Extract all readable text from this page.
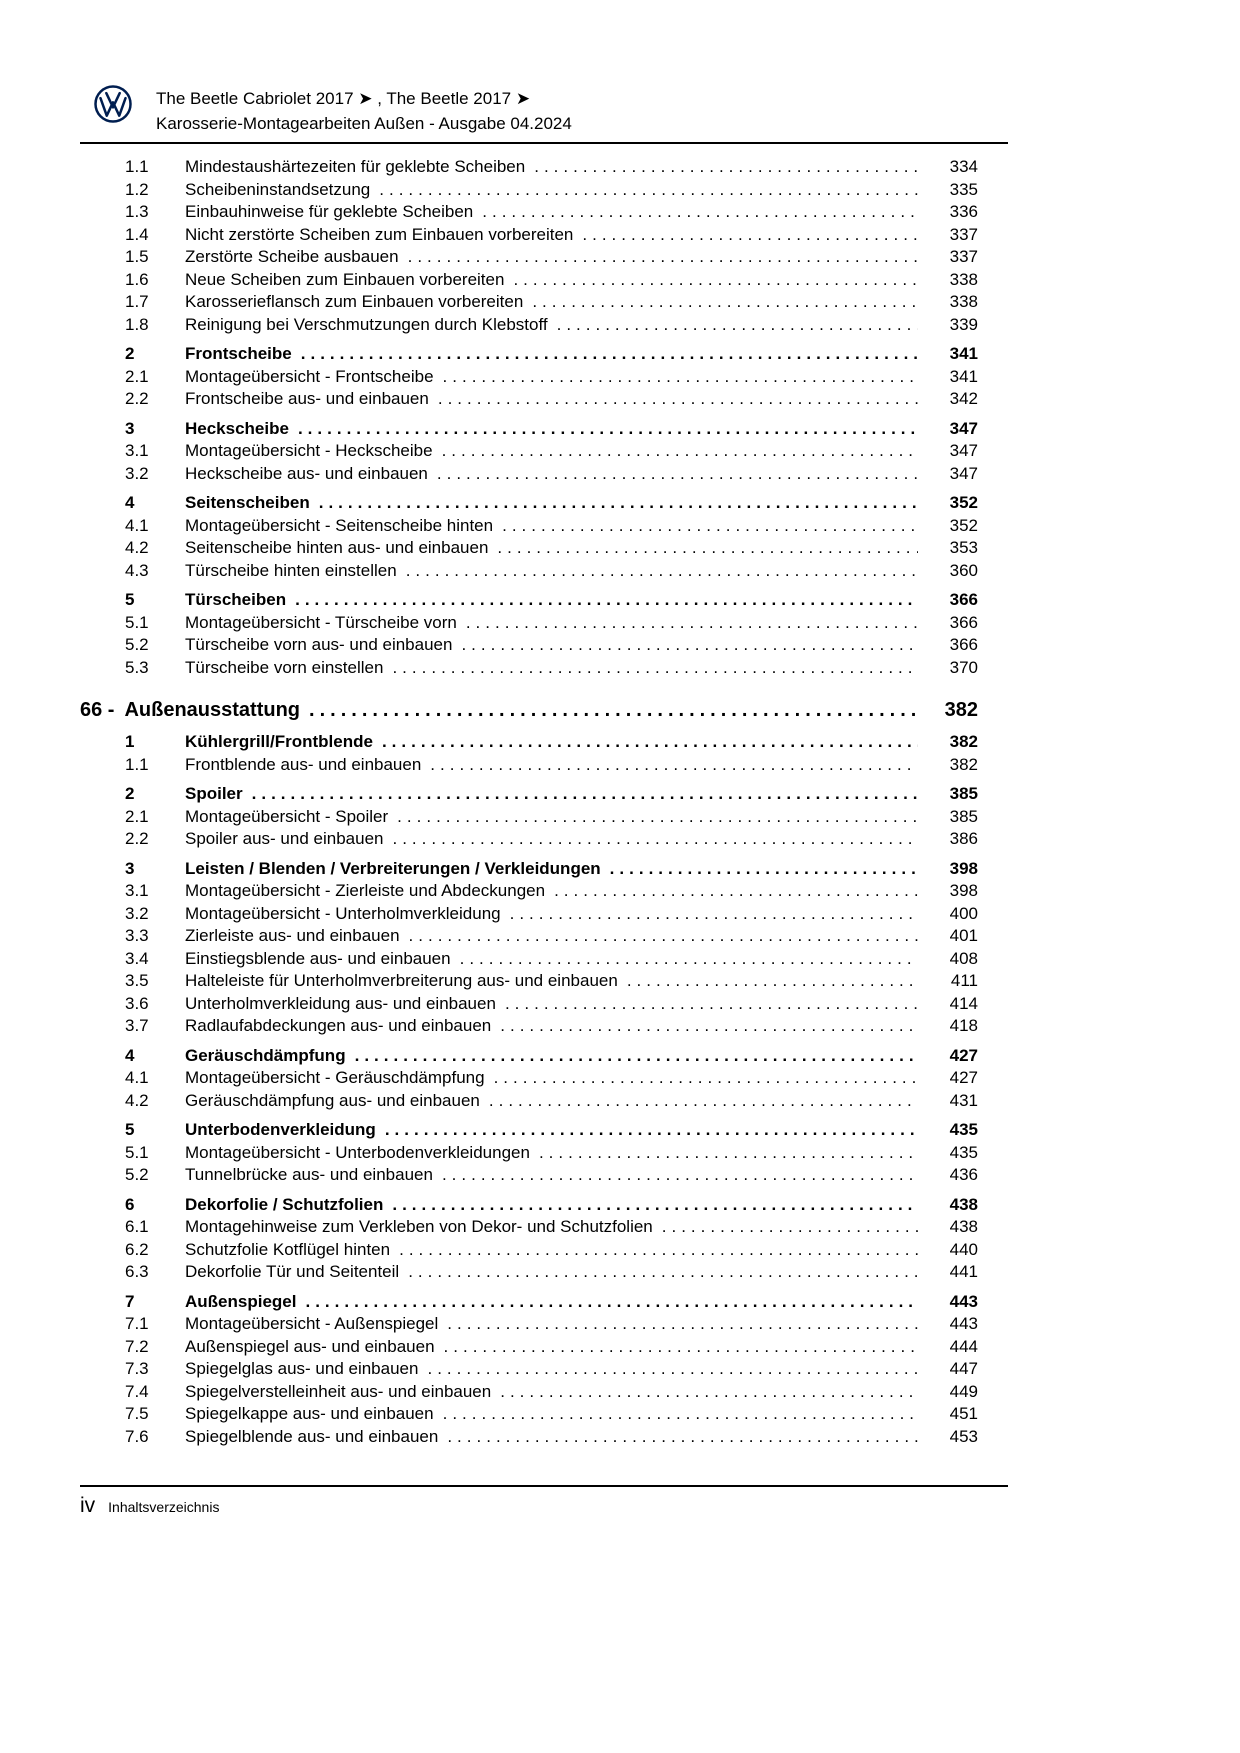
The Beetle Cabriolet 2017 ➤ , The Beetle 2017 ➤
Karosserie-Montagearbeiten Außen - Ausgabe 04.2024
1.1	Mindestaushärtezeiten für geklebte Scheiben .....	334
1.2	Scheibeninstandsetzung .....	335
1.3	Einbauhinweise für geklebte Scheiben .....	336
1.4	Nicht zerstörte Scheiben zum Einbauen vorbereiten .....	337
1.5	Zerstörte Scheibe ausbauen .....	337
1.6	Neue Scheiben zum Einbauen vorbereiten .....	338
1.7	Karosserieflansch zum Einbauen vorbereiten .....	338
1.8	Reinigung bei Verschmutzungen durch Klebstoff .....	339
2	Frontscheibe .....	341
2.1	Montageübersicht - Frontscheibe .....	341
2.2	Frontscheibe aus- und einbauen .....	342
3	Heckscheibe .....	347
3.1	Montageübersicht - Heckscheibe .....	347
3.2	Heckscheibe aus- und einbauen .....	347
4	Seitenscheiben .....	352
4.1	Montageübersicht - Seitenscheibe hinten .....	352
4.2	Seitenscheibe hinten aus- und einbauen .....	353
4.3	Türscheibe hinten einstellen .....	360
5	Türscheiben .....	366
5.1	Montageübersicht - Türscheibe vorn .....	366
5.2	Türscheibe vorn aus- und einbauen .....	366
5.3	Türscheibe vorn einstellen .....	370
66 - Außenausstattung .....	382
1	Kühlergrill/Frontblende .....	382
1.1	Frontblende aus- und einbauen .....	382
2	Spoiler .....	385
2.1	Montageübersicht - Spoiler .....	385
2.2	Spoiler aus- und einbauen .....	386
3	Leisten / Blenden / Verbreiterungen / Verkleidungen .....	398
3.1	Montageübersicht - Zierleiste und Abdeckungen .....	398
3.2	Montageübersicht - Unterholmverkleidung .....	400
3.3	Zierleiste aus- und einbauen .....	401
3.4	Einstiegsblende aus- und einbauen .....	408
3.5	Halteleiste für Unterholmverbreiterung aus- und einbauen .....	411
3.6	Unterholmverkleidung aus- und einbauen .....	414
3.7	Radlaufabdeckungen aus- und einbauen .....	418
4	Geräuschdämpfung .....	427
4.1	Montageübersicht - Geräuschdämpfung .....	427
4.2	Geräuschdämpfung aus- und einbauen .....	431
5	Unterbodenverkleidung .....	435
5.1	Montageübersicht - Unterbodenverkleidungen .....	435
5.2	Tunnelbrücke aus- und einbauen .....	436
6	Dekorfolie / Schutzfolien .....	438
6.1	Montagehinweise zum Verkleben von Dekor- und Schutzfolien .....	438
6.2	Schutzfolie Kotflügel hinten .....	440
6.3	Dekorfolie Tür und Seitenteil .....	441
7	Außenspiegel .....	443
7.1	Montageübersicht - Außenspiegel .....	443
7.2	Außenspiegel aus- und einbauen .....	444
7.3	Spiegelglas aus- und einbauen .....	447
7.4	Spiegelverstelleinheit aus- und einbauen .....	449
7.5	Spiegelkappe aus- und einbauen .....	451
7.6	Spiegelblende aus- und einbauen .....	453
iv Inhaltsverzeichnis
